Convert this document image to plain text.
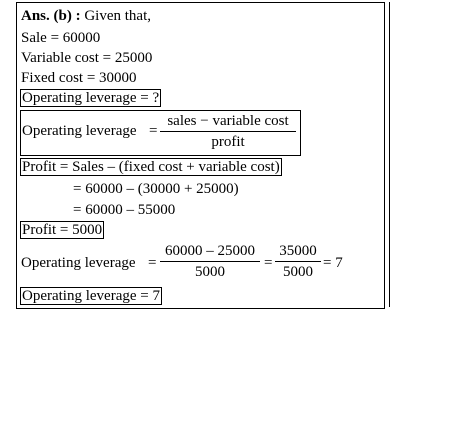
Ans. (b) : Given that,
Sale = 60000
Variable cost = 25000
Fixed cost = 30000
Operating leverage = ?
Operating leverage =
sales − variable cost
profit
Profit = Sales – (fixed cost + variable cost)
= 60000 – (30000 + 25000)
= 60000 – 55000
Profit = 5000
Operating leverage = $\frac{60000 - 25000}{5000} = \frac{35000}{5000} = 7$
Operating leverage = 7
